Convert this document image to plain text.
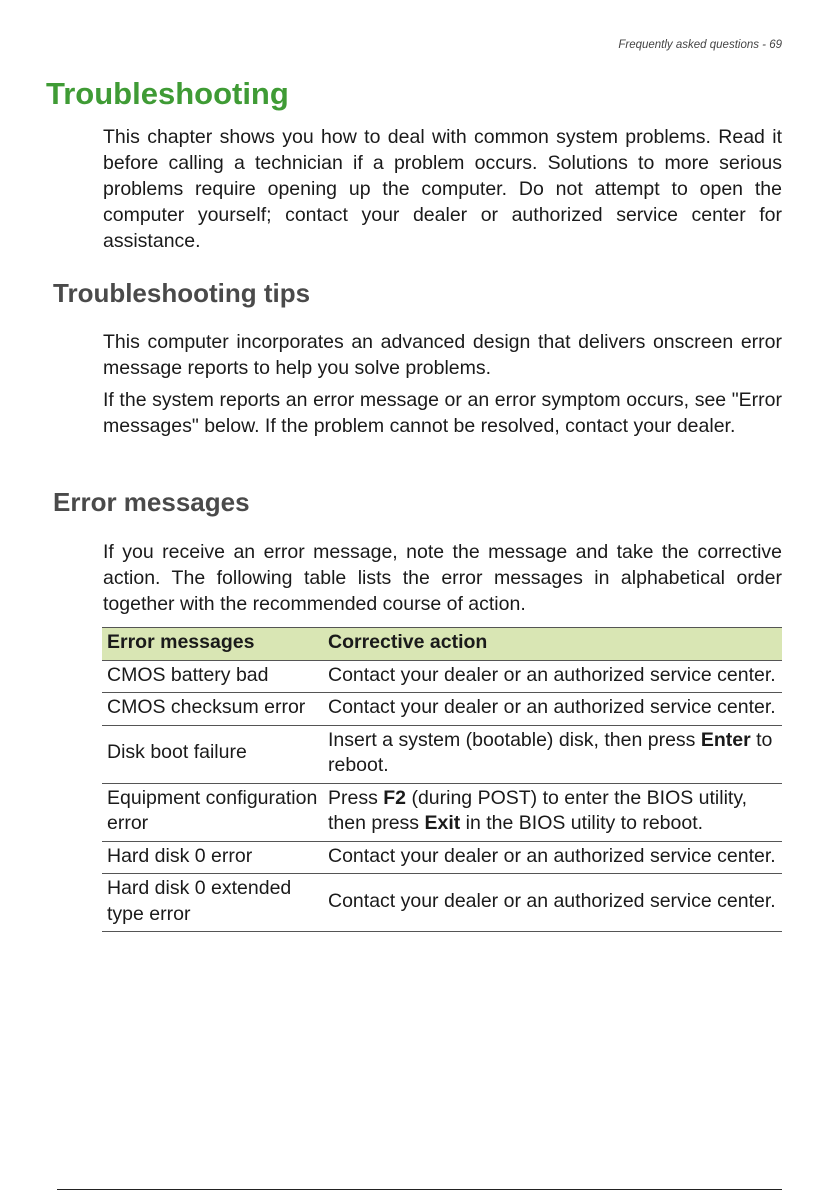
Frequently asked questions - 69
Troubleshooting

This chapter shows you how to deal with common system problems. Read it before calling a technician if a problem occurs. Solutions to more serious problems require opening up the computer. Do not attempt to open the computer yourself; contact your dealer or authorized service center for assistance.

Troubleshooting tips

This computer incorporates an advanced design that delivers onscreen error message reports to help you solve problems.

If the system reports an error message or an error symptom occurs, see "Error messages" below. If the problem cannot be resolved, contact your dealer.

Error messages

If you receive an error message, note the message and take the corrective action. The following table lists the error messages in alphabetical order together with the recommended course of action.

Error messages	Corrective action
CMOS battery bad	Contact your dealer or an authorized service center.
CMOS checksum error	Contact your dealer or an authorized service center.
Disk boot failure	Insert a system (bootable) disk, then press Enter to reboot.
Equipment configuration error	Press F2 (during POST) to enter the BIOS utility, then press Exit in the BIOS utility to reboot.
Hard disk 0 error	Contact your dealer or an authorized service center.
Hard disk 0 extended type error	Contact your dealer or an authorized service center.
